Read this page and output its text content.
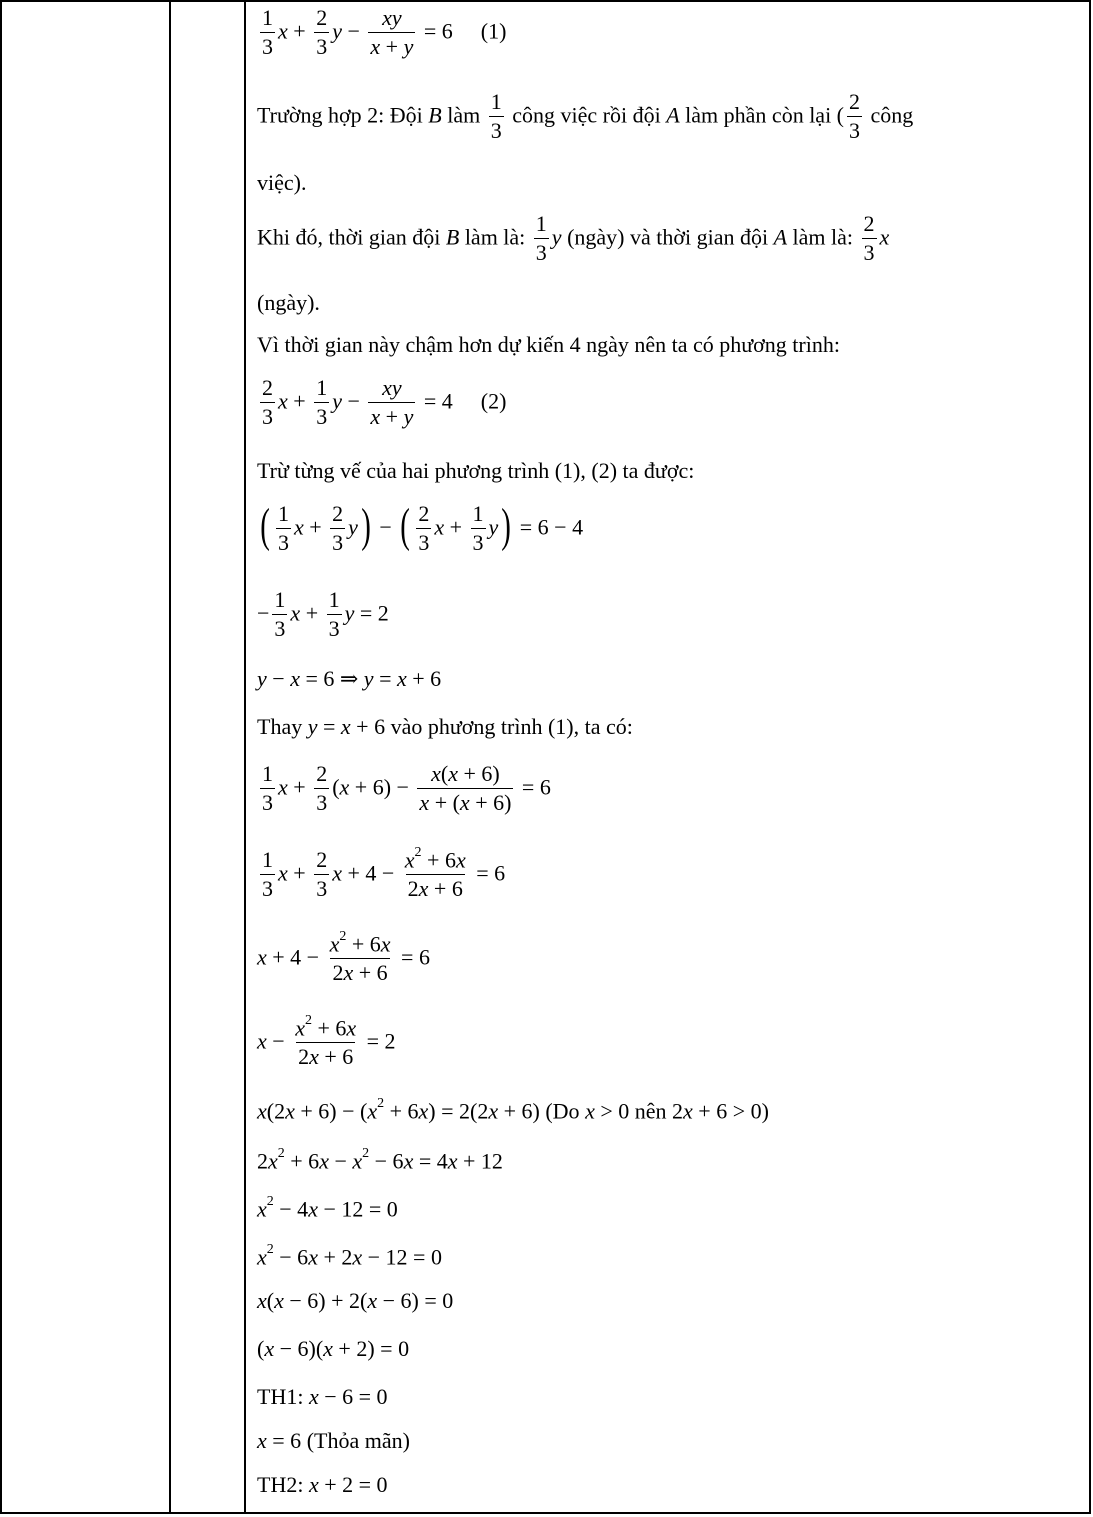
$\frac{1}{3}$ $x + \frac{2}{3}$ $y - \frac{xy}{x + y} = 6$ (1)
Trường hợp 2: Đội B làm $\frac{1}{3}$ công việc rồi đội A làm phần còn lại ( $\frac{2}{3}$ công
việc).
Khi đó, thời gian đội B làm là: $\frac{1}{3}$ y (ngày) và thời gian đội A làm là: $\frac{2}{3}$ x
(ngày).
Vì thời gian này chậm hơn dự kiến 4 ngày nên ta có phương trình:
$\frac{2}{3}$ $x + \frac{1}{3}$ $y - \frac{xy}{x + y} = 4$ (2)
Trừ từng vế của hai phương trình (1), (2) ta được:
( $\frac{1}{3}$ $x + \frac{2}{3} y$) − ( $\frac{2}{3}$ $x + \frac{1}{3} y) = 6 - 4$
− $\frac{1}{3}$ $x + \frac{1}{3}$ y = 2
y − x = 6 ⇒ y = x + 6
Thay y = x + 6 vào phương trình (1), ta có:
$\frac{1}{3}$ $x + \frac{2}{3} (x + 6) - \frac{x(x + 6)}{x + (x + 6)} = 6$
$\frac{1}{3}$ $x + \frac{2}{3}$ $x + 4 - \frac{x^2 + 6x}{2x + 6} = 6$
$x + 4 - \frac{x^2 + 6x}{2x + 6} = 6$
$x - \frac{x^2 + 6x}{2x + 6} = 2$
$x(2x + 6) - (x^2 + 6x) = 2(2x + 6)$ (Do x > 0 nên 2x + 6 > 0)
$2x^2 + 6x - x^2 - 6x = 4x + 12$
$x^2 - 4x - 12 = 0$
$x^2 - 6x + 2x - 12 = 0$
x(x − 6) + 2(x − 6) = 0
(x − 6)(x + 2) = 0
TH1: x − 6 = 0
x = 6 (Thỏa mãn)
TH2: x + 2 = 0
